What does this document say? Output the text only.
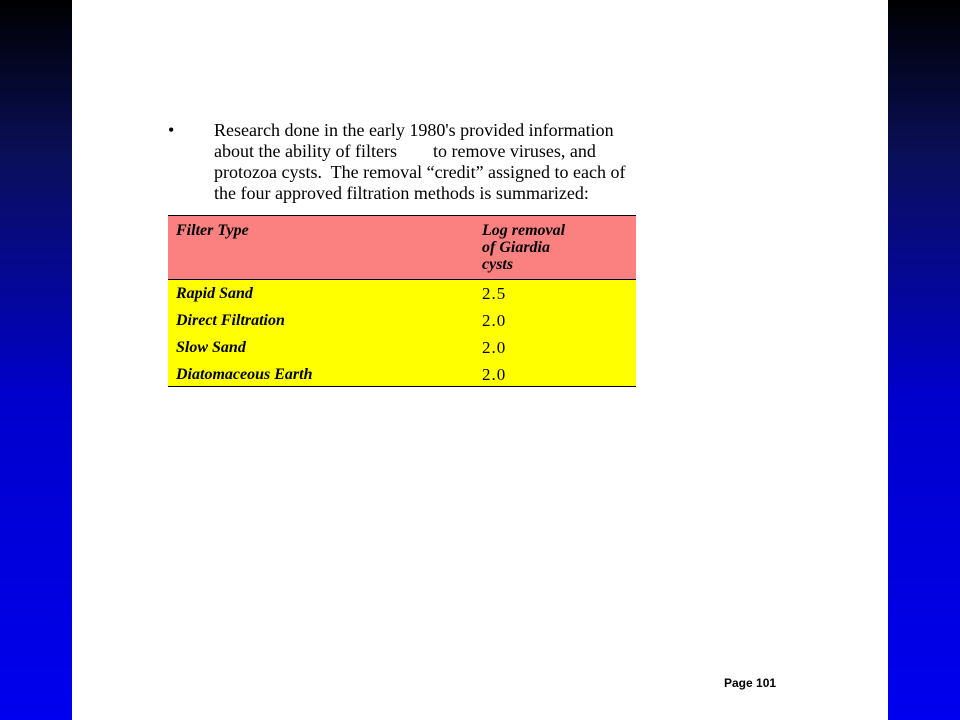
• Research done in the early 1980's provided information
about the ability of filters        to remove viruses, and
protozoa cysts.  The removal “credit” assigned to each of
the four approved filtration methods is summarized:
Filter Type	Log removal
of Giardia
cysts
Rapid Sand	2.5
Direct Filtration	2.0
Slow Sand	2.0
Diatomaceous Earth	2.0
Page 101
